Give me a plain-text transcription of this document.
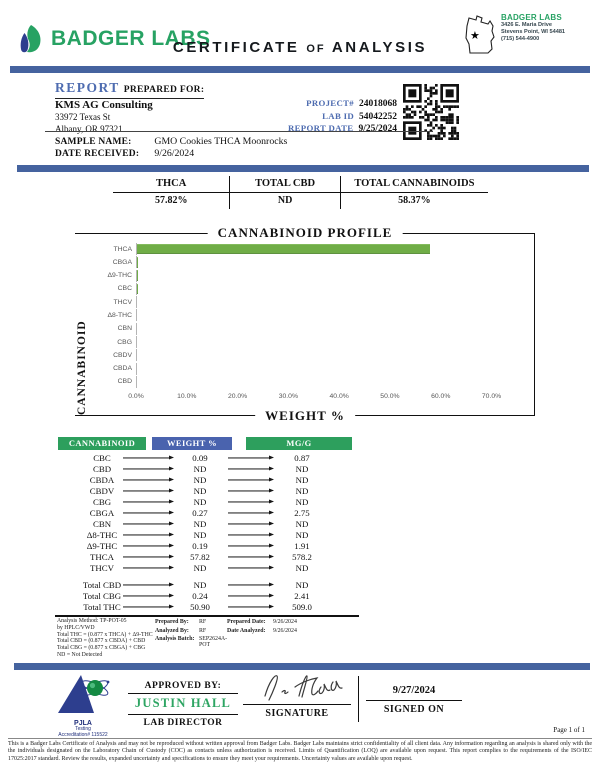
BADGER LABS
CERTIFICATE OF ANALYSIS
★
BADGER LABS
3426 E. Maria Drive
Stevens Point, WI 54481
(715) 544-4900
REPORT PREPARED FOR:
KMS AG Consulting
33972 Texas St
Albany, OR 97321
PROJECT# 24018068
LAB ID 54042252
REPORT DATE 9/25/2024
SAMPLE NAME: GMO Cookies THCA Moonrocks
DATE RECEIVED: 9/26/2024
THCA	TOTAL CBD	TOTAL CANNABINOIDS
57.82%	ND	58.37%
CANNABINOID PROFILE
CANNABINOID
THCA
CBGA
Δ9-THC
CBC
THCV
Δ8-THC
CBN
CBG
CBDV
CBDA
CBD
0.0%	10.0%	20.0%	30.0%	40.0%	50.0%	60.0%	70.0%
WEIGHT %
CANNABINOID	WEIGHT %	MG/G
CBC	0.09	0.87
CBD	ND	ND
CBDA	ND	ND
CBDV	ND	ND
CBG	ND	ND
CBGA	0.27	2.75
CBN	ND	ND
Δ8-THC	ND	ND
Δ9-THC	0.19	1.91
THCA	57.82	578.2
THCV	ND	ND
Total CBD	ND	ND
Total CBG	0.24	2.41
Total THC	50.90	509.0
Analysis Method: TP-POT-05
by HPLC/VWD
Total THC = (0.877 x THCA) + Δ9-THC
Total CBD = (0.877 x CBDA) + CBD
Total CBG = (0.877 x CBGA) + CBG
ND = Not Detected
Prepared By:	RF	Prepared Date:	9/26/2024
Analyzed By:	RF	Date Analyzed:	9/26/2024
Analysis Batch: SEP2624A-POT
PJLA
Testing
Accreditation# 115522
APPROVED BY:
JUSTIN HALL
LAB DIRECTOR
SIGNATURE
9/27/2024
SIGNED ON
Page 1 of 1
This is a Badger Labs Certificate of Analysis and may not be reproduced without written approval from Badger Labs. Badger Labs maintains strict confidentiality of all client data. Any information regarding an analysis is shared only with the the individuals designated on the Laboratory Chain of Custody (COC) as contacts unless authorization is received. Limits of Quantification (LOQ) are available upon request. This report complies to the requirements of the ISO/IEC 17025:2017 standard. Review the results, expanded uncertainty and specifications to ensure they meet your requirements. Uncertainty values are available upon request.
